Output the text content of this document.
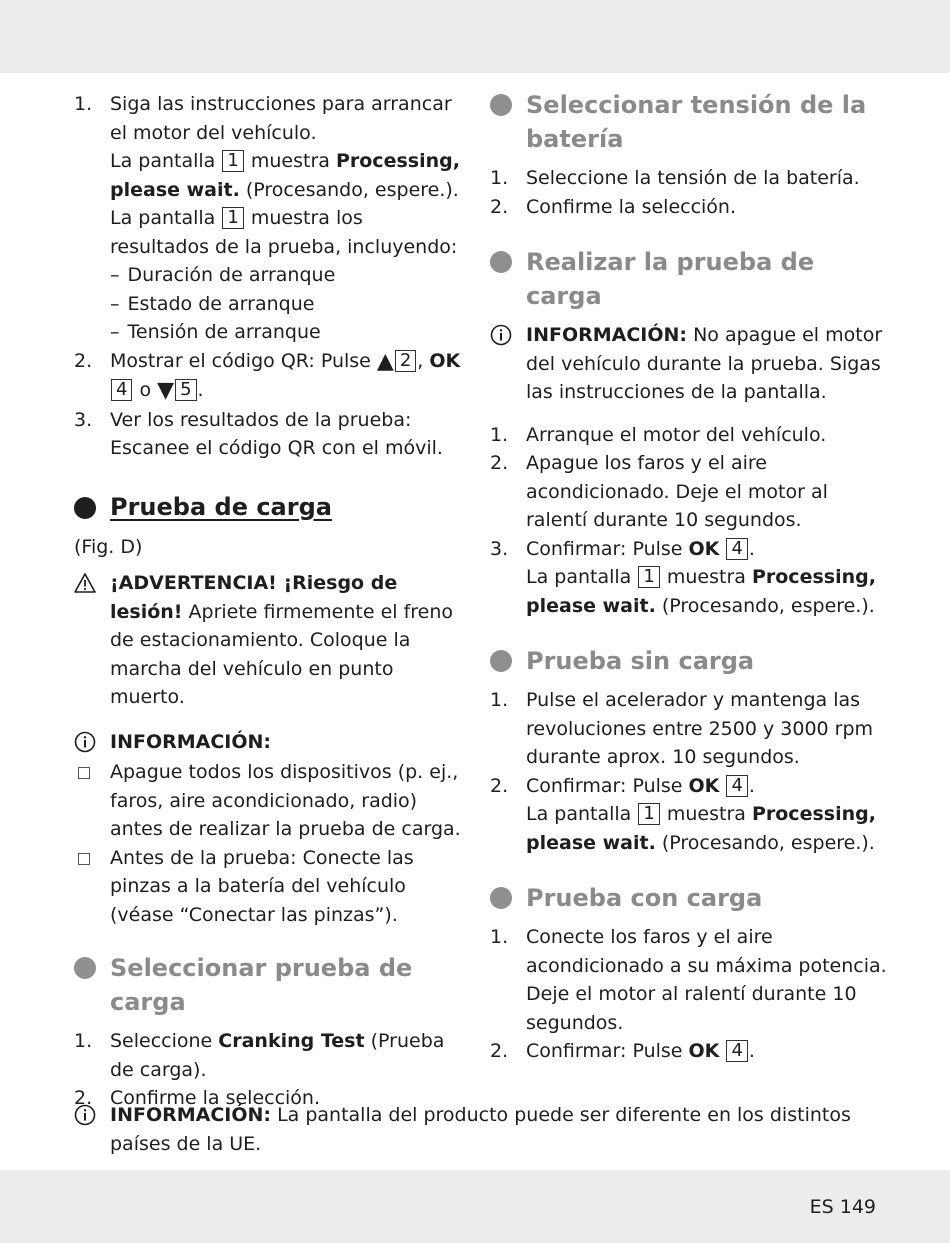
1. Siga las instrucciones para arrancar el motor del vehículo.
La pantalla 1 muestra Processing, please wait. (Procesando, espere.).
La pantalla 1 muestra los resultados de la prueba, incluyendo:
– Duración de arranque
– Estado de arranque
– Tensión de arranque
2. Mostrar el código QR: Pulse ▲ 2 , OK 4 o ▼ 5 .
3. Ver los resultados de la prueba:
Escanee el código QR con el móvil.
Prueba de carga

(Fig. D)

¡ADVERTENCIA! ¡Riesgo de lesión! Apriete firmemente el freno de estacionamiento. Coloque la marcha del vehículo en punto muerto.
INFORMACIÓN:
Apague todos los dispositivos (p. ej., faros, aire acondicionado, radio) antes de realizar la prueba de carga.
Antes de la prueba: Conecte las pinzas a la batería del vehículo (véase “Conectar las pinzas”).
Seleccionar prueba de carga
1. Seleccione Cranking Test (Prueba de carga).
2. Confirme la selección.
Seleccionar tensión de la batería
1. Seleccione la tensión de la batería.
2. Confirme la selección.
Realizar la prueba de carga
INFORMACIÓN: No apague el motor del vehículo durante la prueba. Sigas las instrucciones de la pantalla.
1. Arranque el motor del vehículo.
2. Apague los faros y el aire acondicionado. Deje el motor al ralentí durante 10 segundos.
3. Confirmar: Pulse OK 4 .
La pantalla 1 muestra Processing, please wait. (Procesando, espere.).
Prueba sin carga
1. Pulse el acelerador y mantenga las revoluciones entre 2500 y 3000 rpm durante aprox. 10 segundos.
2. Confirmar: Pulse OK 4 .
La pantalla 1 muestra Processing, please wait. (Procesando, espere.).
Prueba con carga
1. Conecte los faros y el aire acondicionado a su máxima potencia. Deje el motor al ralentí durante 10 segundos.
2. Confirmar: Pulse OK 4 .
INFORMACIÓN: La pantalla del producto puede ser diferente en los distintos países de la UE.
ES 149
